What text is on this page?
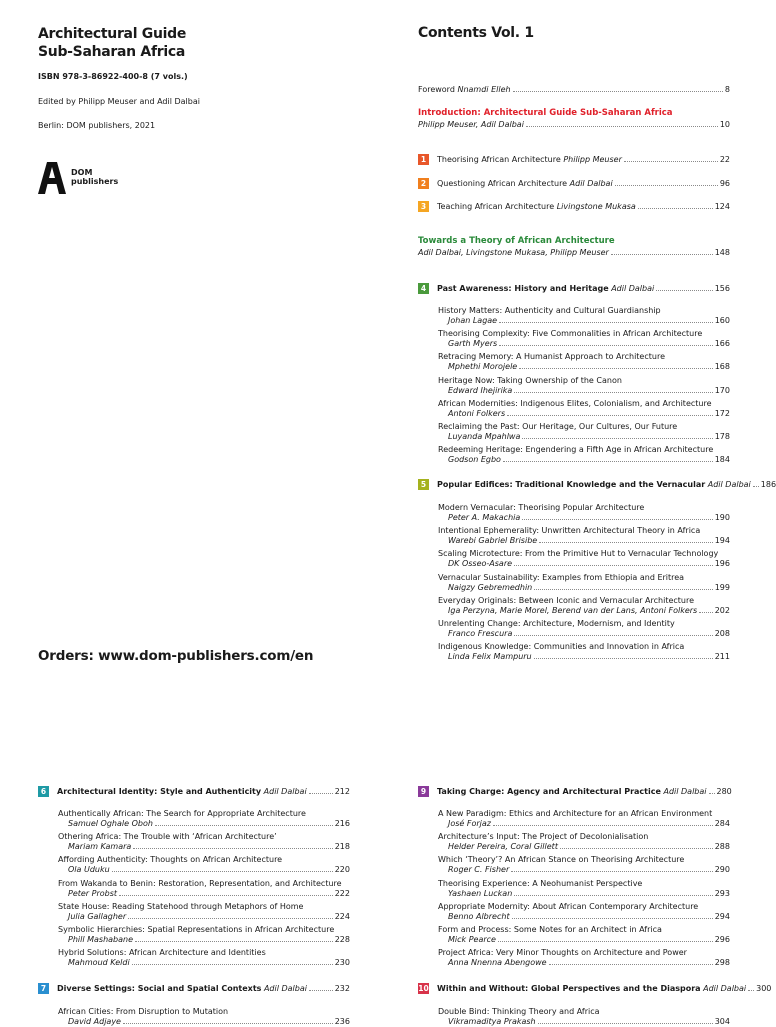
Architectural Guide
Sub-Saharan Africa
ISBN 978-3-86922-400-8 (7 vols.)
Edited by Philipp Meuser and Adil Dalbai
Berlin: DOM publishers, 2021
DOM
publishers
Orders: www.dom-publishers.com/en
Contents Vol. 1
Foreword Nnamdi Elleh	8
Introduction: Architectural Guide Sub-Saharan Africa
Philipp Meuser, Adil Dalbai	10
Towards a Theory of African Architecture
Adil Dalbai, Livingstone Mukasa, Philipp Meuser	148
1	Theorising African Architecture Philipp Meuser	22
2	Questioning African Architecture Adil Dalbai	96
3	Teaching African Architecture Livingstone Mukasa	124
4	Past Awareness: History and Heritage Adil Dalbai	156
History Matters: Authenticity and Cultural Guardianship
Johan Lagae	160
Theorising Complexity: Five Commonalities in African Architecture
Garth Myers	166
Retracing Memory: A Humanist Approach to Architecture
Mphethi Morojele	168
Heritage Now: Taking Ownership of the Canon
Edward Ihejirika	170
African Modernities: Indigenous Elites, Colonialism, and Architecture
Antoni Folkers	172
Reclaiming the Past: Our Heritage, Our Cultures, Our Future
Luyanda Mpahlwa	178
Redeeming Heritage: Engendering a Fifth Age in African Architecture
Godson Egbo	184
5	Popular Edifices: Traditional Knowledge and the Vernacular Adil Dalbai 186
Modern Vernacular: Theorising Popular Architecture
Peter A. Makachia	190
Intentional Ephemerality: Unwritten Architectural Theory in Africa
Warebi Gabriel Brisibe	194
Scaling Microtecture: From the Primitive Hut to Vernacular Technology
DK Osseo-Asare	196
Vernacular Sustainability: Examples from Ethiopia and Eritrea
Naigzy Gebremedhin	199
Everyday Originals: Between Iconic and Vernacular Architecture
Iga Perzyna, Marie Morel, Berend van der Lans, Antoni Folkers 202
Unrelenting Change: Architecture, Modernism, and Identity
Franco Frescura	208
Indigenous Knowledge: Communities and Innovation in Africa
Linda Felix Mampuru	211
6	Architectural Identity: Style and Authenticity Adil Dalbai	212
Authentically African: The Search for Appropriate Architecture
Samuel Oghale Oboh	216
Othering Africa: The Trouble with ‘African Architecture’
Mariam Kamara	218
Affording Authenticity: Thoughts on African Architecture
Ola Uduku	220
From Wakanda to Benin: Restoration, Representation, and Architecture
Peter Probst	222
State House: Reading Statehood through Metaphors of Home
Julia Gallagher	224
Symbolic Hierarchies: Spatial Representations in African Architecture
Phill Mashabane	228
Hybrid Solutions: African Architecture and Identities
Mahmoud Keldi	230
7	Diverse Settings: Social and Spatial Contexts Adil Dalbai	232
African Cities: From Disruption to Mutation
David Adjaye	236
9	Taking Charge: Agency and Architectural Practice Adil Dalbai 280
A New Paradigm: Ethics and Architecture for an African Environment
José Forjaz	284
Architecture’s Input: The Project of Decolonialisation
Helder Pereira, Coral Gillett	288
Which ‘Theory’? An African Stance on Theorising Architecture
Roger C. Fisher	290
Theorising Experience: A Neohumanist Perspective
Yashaen Luckan	293
Appropriate Modernity: About African Contemporary Architecture
Benno Albrecht	294
Form and Process: Some Notes for an Architect in Africa
Mick Pearce	296
Project Africa: Very Minor Thoughts on Architecture and Power
Anna Nnenna Abengowe	298
10 Within and Without: Global Perspectives and the Diaspora Adil Dalbai 300
Double Bind: Thinking Theory and Africa
Vikramaditya Prakash	304
